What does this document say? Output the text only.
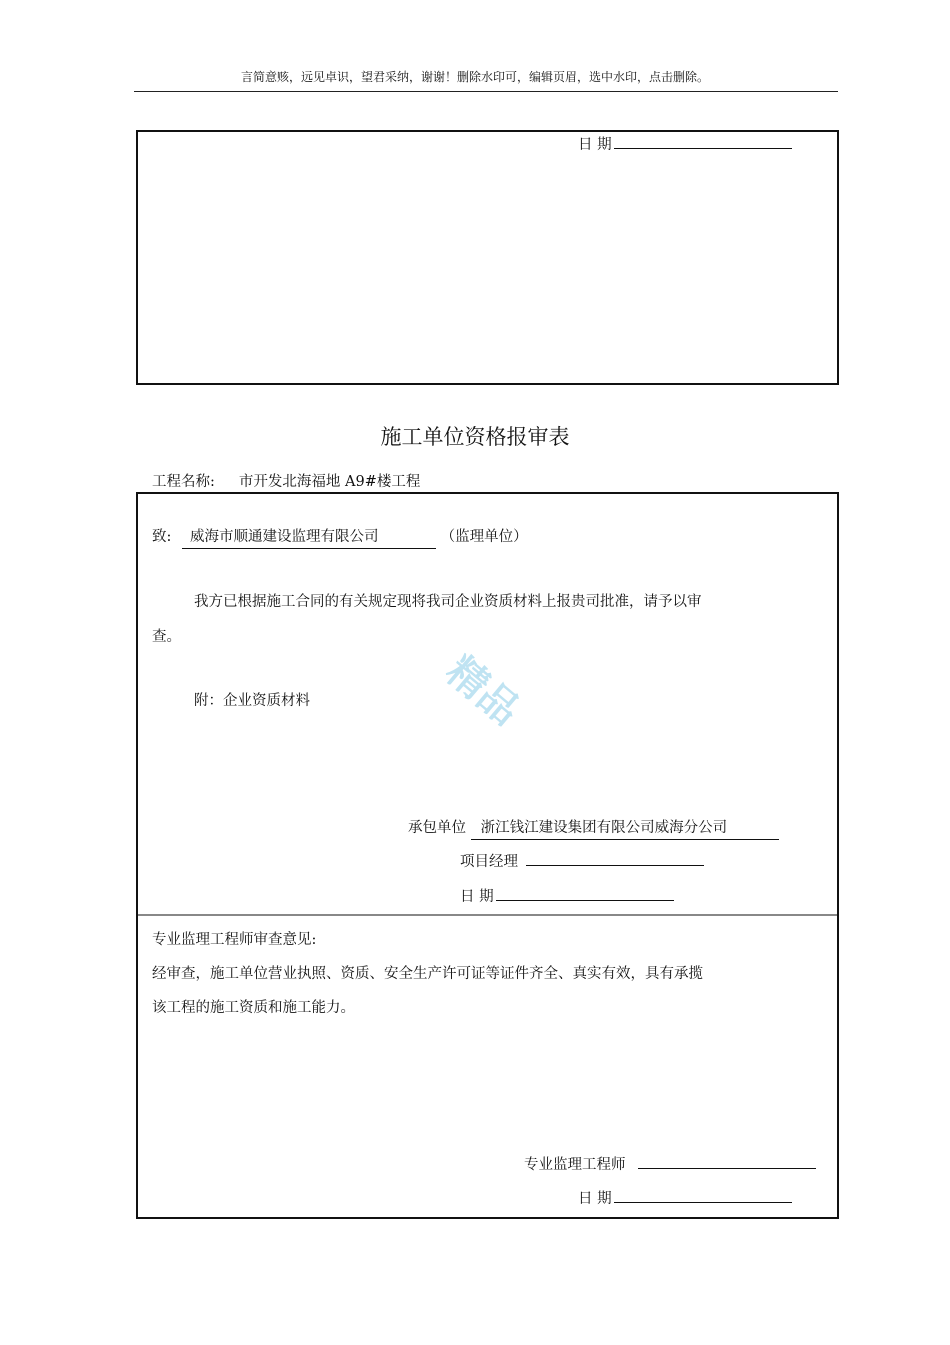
言简意赅，远见卓识，望君采纳，谢谢！删除水印可，编辑页眉，选中水印，点击删除。
日 期
施工单位资格报审表
工程名称: 市开发北海福地 A9#楼工程
致: 威海市顺通建设监理有限公司	（监理单位）
我方已根据施工合同的有关规定现将我司企业资质材料上报贵司批准，请予以审
查。
附：企业资质材料	精品
承包单位 浙江钱江建设集团有限公司威海分公司
项目经理
日 期
专业监理工程师审查意见:
经审查，施工单位营业执照、资质、安全生产许可证等证件齐全、真实有效，具有承揽
该工程的施工资质和施工能力。
专业监理工程师
日 期
